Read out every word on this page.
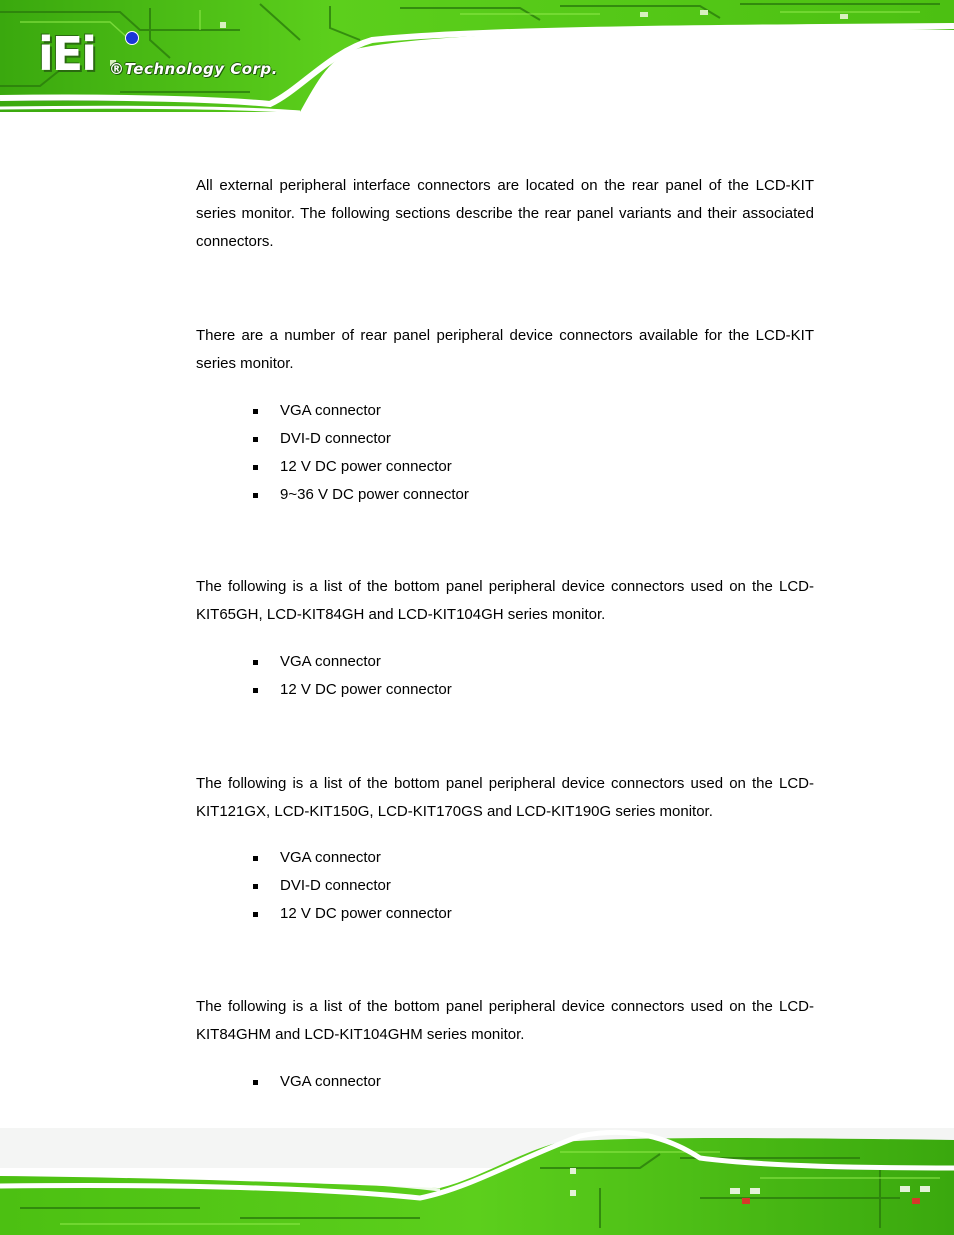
iEi ®Technology Corp.

All external peripheral interface connectors are located on the rear panel of the LCD-KIT series monitor. The following sections describe the rear panel variants and their associated connectors.

There are a number of rear panel peripheral device connectors available for the LCD-KIT series monitor.

VGA connector
DVI-D connector
12 V DC power connector
9~36 V DC power connector

The following is a list of the bottom panel peripheral device connectors used on the LCD-KIT65GH, LCD-KIT84GH and LCD-KIT104GH series monitor.

VGA connector
12 V DC power connector

The following is a list of the bottom panel peripheral device connectors used on the LCD-KIT121GX, LCD-KIT150G, LCD-KIT170GS and LCD-KIT190G series monitor.

VGA connector
DVI-D connector
12 V DC power connector

The following is a list of the bottom panel peripheral device connectors used on the LCD-KIT84GHM and LCD-KIT104GHM series monitor.

VGA connector
